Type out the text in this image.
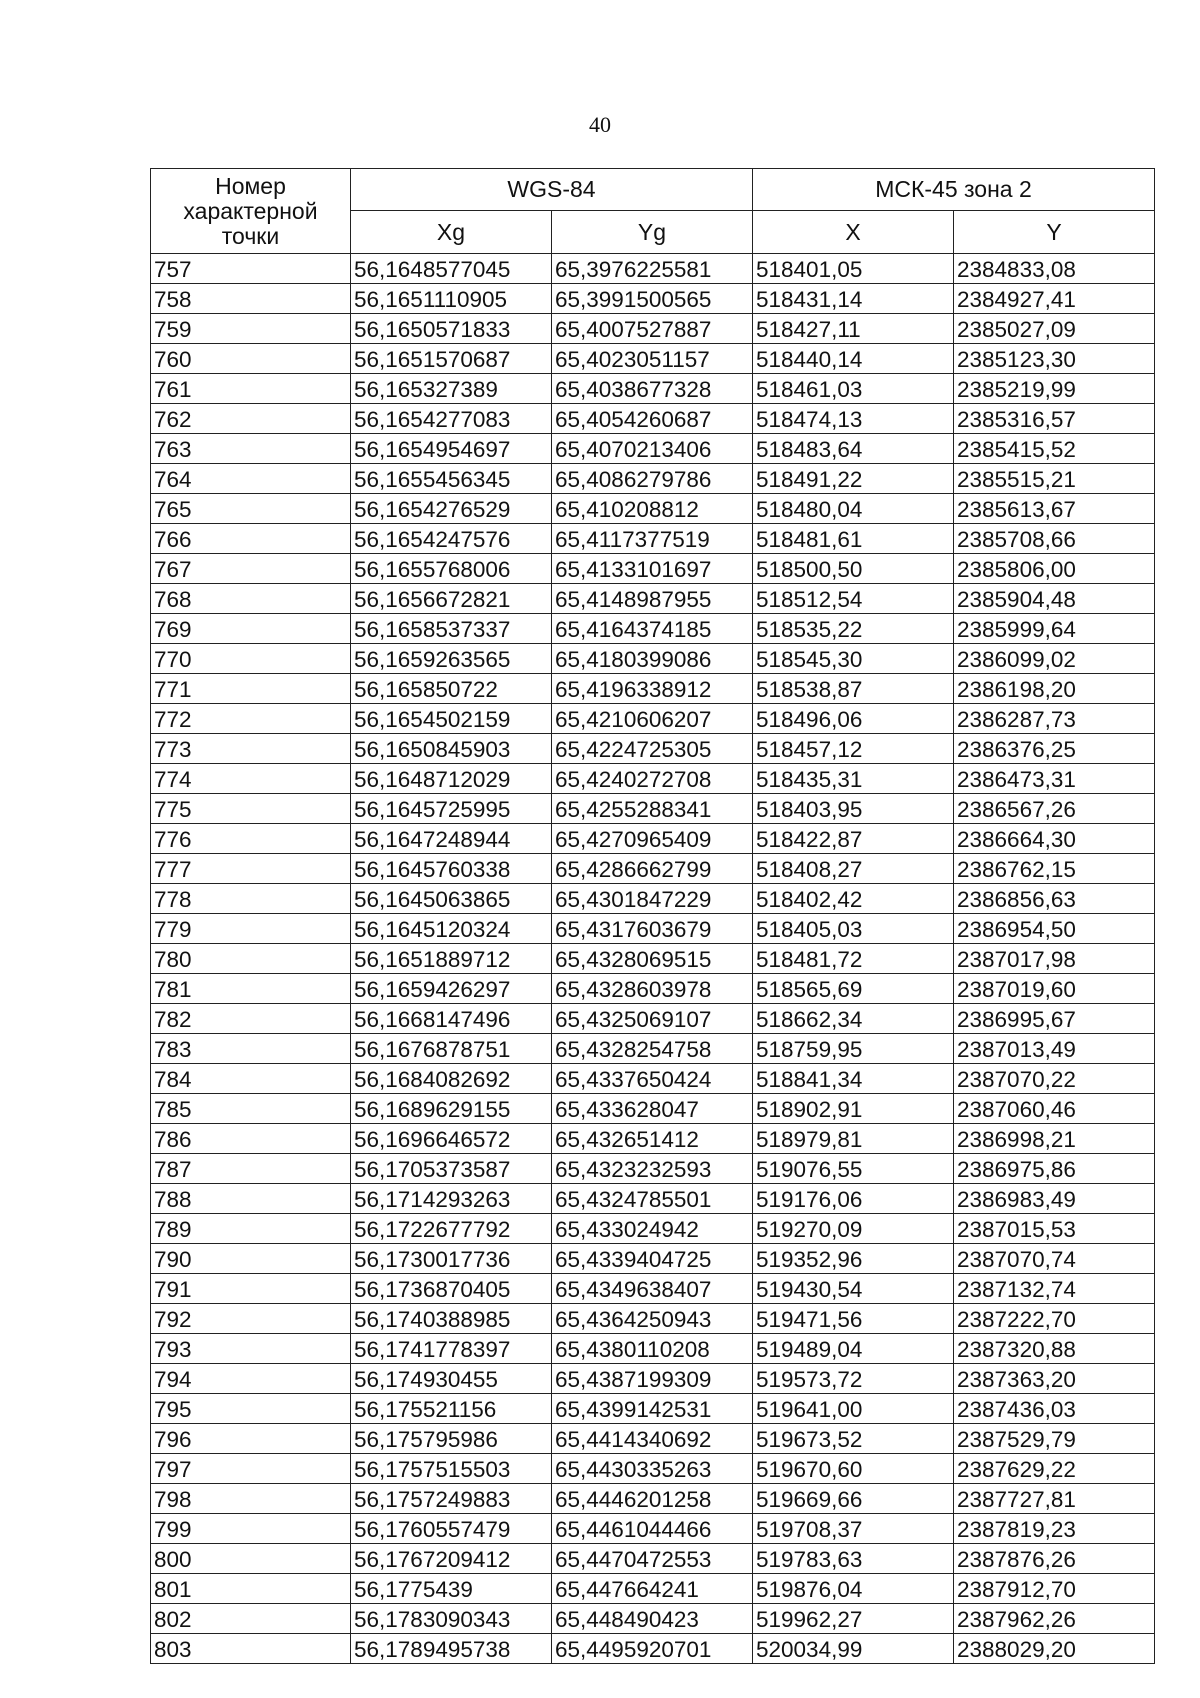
40
Номер
характерной
точки	WGS-84		МСК-45 зона 2	
	Xg	Yg	X	Y
757	56,1648577045	65,3976225581	518401,05	2384833,08
758	56,1651110905	65,3991500565	518431,14	2384927,41
759	56,1650571833	65,4007527887	518427,11	2385027,09
760	56,1651570687	65,4023051157	518440,14	2385123,30
761	56,165327389	65,4038677328	518461,03	2385219,99
762	56,1654277083	65,4054260687	518474,13	2385316,57
763	56,1654954697	65,4070213406	518483,64	2385415,52
764	56,1655456345	65,4086279786	518491,22	2385515,21
765	56,1654276529	65,410208812	518480,04	2385613,67
766	56,1654247576	65,4117377519	518481,61	2385708,66
767	56,1655768006	65,4133101697	518500,50	2385806,00
768	56,1656672821	65,4148987955	518512,54	2385904,48
769	56,1658537337	65,4164374185	518535,22	2385999,64
770	56,1659263565	65,4180399086	518545,30	2386099,02
771	56,165850722	65,4196338912	518538,87	2386198,20
772	56,1654502159	65,4210606207	518496,06	2386287,73
773	56,1650845903	65,4224725305	518457,12	2386376,25
774	56,1648712029	65,4240272708	518435,31	2386473,31
775	56,1645725995	65,4255288341	518403,95	2386567,26
776	56,1647248944	65,4270965409	518422,87	2386664,30
777	56,1645760338	65,4286662799	518408,27	2386762,15
778	56,1645063865	65,4301847229	518402,42	2386856,63
779	56,1645120324	65,4317603679	518405,03	2386954,50
780	56,1651889712	65,4328069515	518481,72	2387017,98
781	56,1659426297	65,4328603978	518565,69	2387019,60
782	56,1668147496	65,4325069107	518662,34	2386995,67
783	56,1676878751	65,4328254758	518759,95	2387013,49
784	56,1684082692	65,4337650424	518841,34	2387070,22
785	56,1689629155	65,433628047	518902,91	2387060,46
786	56,1696646572	65,432651412	518979,81	2386998,21
787	56,1705373587	65,4323232593	519076,55	2386975,86
788	56,1714293263	65,4324785501	519176,06	2386983,49
789	56,1722677792	65,433024942	519270,09	2387015,53
790	56,1730017736	65,4339404725	519352,96	2387070,74
791	56,1736870405	65,4349638407	519430,54	2387132,74
792	56,1740388985	65,4364250943	519471,56	2387222,70
793	56,1741778397	65,4380110208	519489,04	2387320,88
794	56,174930455	65,4387199309	519573,72	2387363,20
795	56,175521156	65,4399142531	519641,00	2387436,03
796	56,175795986	65,4414340692	519673,52	2387529,79
797	56,1757515503	65,4430335263	519670,60	2387629,22
798	56,1757249883	65,4446201258	519669,66	2387727,81
799	56,1760557479	65,4461044466	519708,37	2387819,23
800	56,1767209412	65,4470472553	519783,63	2387876,26
801	56,1775439	65,447664241	519876,04	2387912,70
802	56,1783090343	65,448490423	519962,27	2387962,26
803	56,1789495738	65,4495920701	520034,99	2388029,20
